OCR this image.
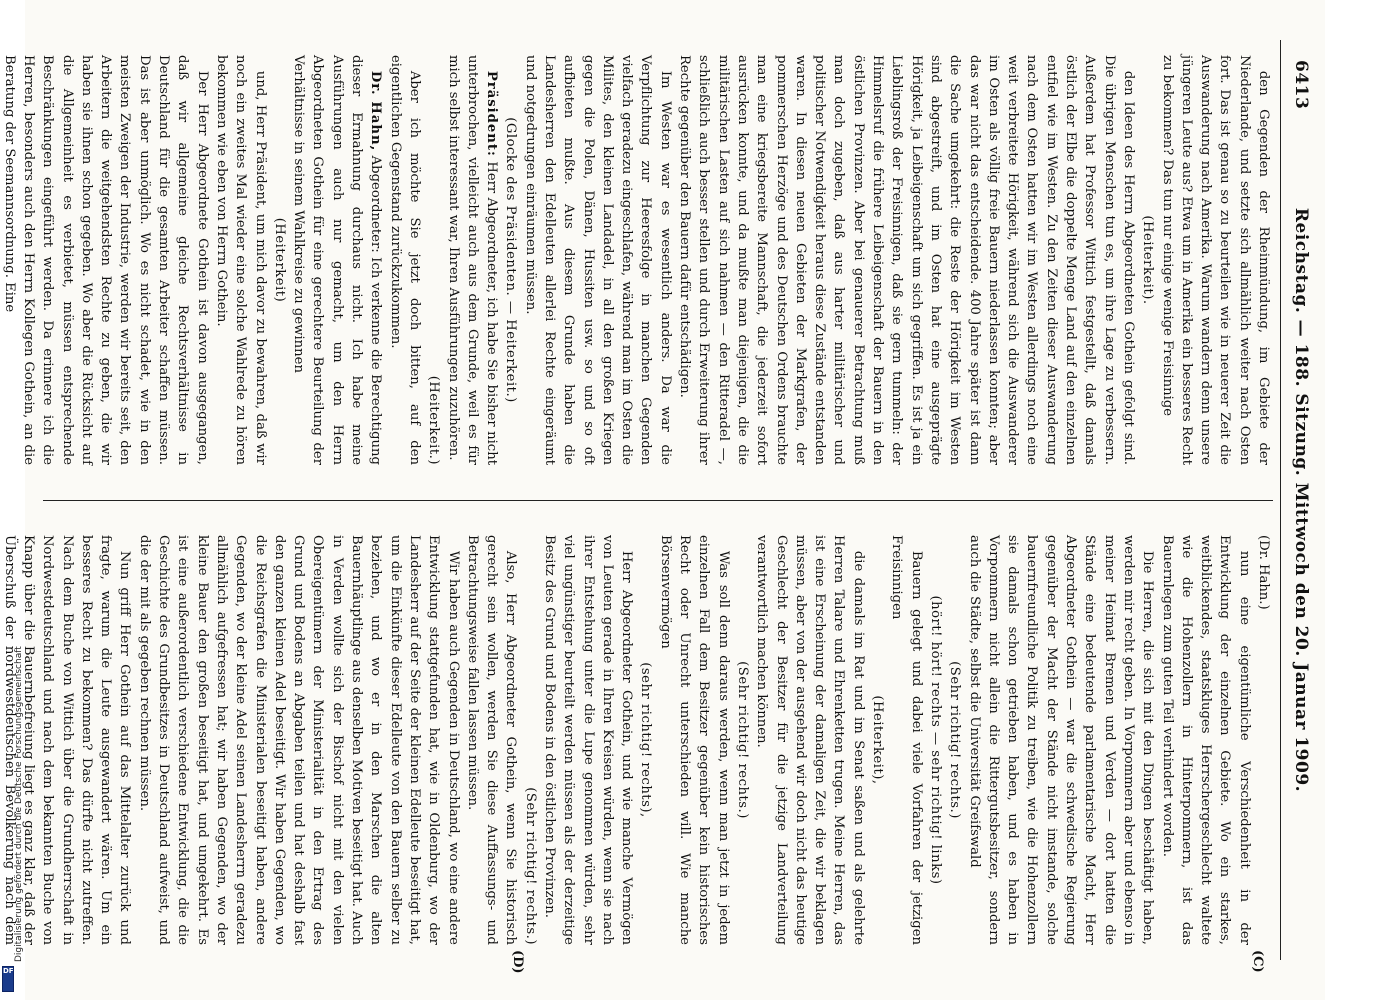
Digitalisierung gefördert durch die Deutsche Forschungsgemeinschaft
DFG
Reichstag. — 188. Sitzung. Mittwoch den 20. Januar 1909.
6413

den Gegenden der Rheinmündung, im Gebiete der Niederlande, und setzte sich allmählich weiter nach Osten fort. Das ist genau so zu beurteilen wie in neuerer Zeit die Auswanderung nach Amerika. Warum wandern denn unsere jüngeren Leute aus? Etwa um in Amerika ein besseres Recht zu bekommen? Das tun nur einige wenige Freisinnige

(Heiterkeit).

den Ideen des Herrn Abgeordneten Gothein gefolgt sind. Die übrigen Menschen tun es, um ihre Lage zu verbessern. Außerdem hat Professor Wittich festgestellt, daß damals östlich der Elbe die doppelte Menge Land auf den einzelnen entfiel wie im Westen. Zu den Zeiten dieser Auswanderung nach dem Osten hatten wir im Westen allerdings noch eine weit verbreitete Hörigkeit, während sich die Auswanderer im Osten als völlig freie Bauern niederlassen konnten; aber das war nicht das entscheidende. 400 Jahre später ist dann die Sache umgekehrt: die Reste der Hörigkeit im Westen sind abgestreift, und im Osten hat eine ausgeprägte Hörigkeit, ja Leibeigenschaft um sich gegriffen. Es ist ja ein Lieblingsroß der Freisinnigen, daß sie gern tummeln: der Himmelsruf die frühere Leibeigenschaft der Bauern in den östlichen Provinzen. Aber bei genauerer Betrachtung muß man doch zugeben, daß aus harter militärischer und politischer Notwendigkeit heraus diese Zustände entstanden waren. In diesen neuen Gebieten der Markgrafen, der pommerschen Herzöge und des Deutschen Ordens brauchte man eine kriegsbereite Mannschaft, die jederzeit sofort ausrücken konnte, und da mußte man diejenigen, die die militärischen Lasten auf sich nahmen — den Ritteradel —, schließlich auch besser stellen und durch Erweiterung ihrer Rechte gegenüber den Bauern dafür entschädigen.

Im Westen war es wesentlich anders. Da war die Verpflichtung zur Heeresfolge in manchen Gegenden vielfach geradezu eingeschlafen, während man im Osten die Milites, den kleinen Landadel, in all den großen Kriegen gegen die Polen, Dänen, Hussiten usw. so und so oft aufbieten mußte. Aus diesem Grunde haben die Landesherren den Edelleuten allerlei Rechte eingeräumt und notgedrungen einräumen müssen.

(Glocke des Präsidenten. — Heiterkeit.)

Präsident: Herr Abgeordneter, ich habe Sie bisher nicht unterbrochen, vielleicht auch aus dem Grunde, weil es für mich selbst interessant war, Ihren Ausführungen zuzuhören.

(Heiterkeit.)

Aber ich möchte Sie jetzt doch bitten, auf den eigentlichen Gegenstand zurückzukommen.

Dr. Hahn, Abgeordneter: Ich verkenne die Berechtigung dieser Ermahnung durchaus nicht. Ich habe meine Ausführungen auch nur gemacht, um den Herrn Abgeordneten Gothein für eine gerechtere Beurteilung der Verhältnisse in seinem Wahlkreise zu gewinnen

(Heiterkeit)

und, Herr Präsident, um mich davor zu bewahren, daß wir noch ein zweites Mal wieder eine solche Wahlrede zu hören bekommen wie eben von Herrn Gothein.

Der Herr Abgeordnete Gothein ist davon ausgegangen, daß wir allgemeine gleiche Rechtsverhältnisse in Deutschland für die gesamten Arbeiter schaffen müssen. Das ist aber unmöglich. Wo es nicht schadet, wie in den meisten Zweigen der Industrie, werden wir bereits seit, den Arbeitern die weitgehendsten Rechte zu geben, die wir haben sie ihnen schon gegeben. Wo aber die Rücksicht auf die Allgemeinheit es verbietet, müssen entsprechende Beschränkungen eingeführt werden. Da erinnere ich die Herren, besonders auch den Herrn Kollegen Gothein, an die Beratung der Seemannsordnung. Eine

(Dr. Hahn.)

nun eine eigentümliche Verschiedenheit in der Entwicklung der einzelnen Gebiete. Wo ein starkes, weitblickendes, staatskluges Herrschergeschlecht waltete wie die Hohenzollern in Hinterpommern, ist das Bauernlegen zum guten Teil verhindert worden.

Die Herren, die sich mit den Dingen beschäftigt haben, werden mir recht geben. In Vorpommern aber und ebenso in meiner Heimat Bremen und Verden — dort hatten die Stände eine bedeutende parlamentarische Macht, Herr Abgeordneter Gothein — war die schwedische Regierung gegenüber der Macht der Stände nicht imstande, solche bauernfreundliche Politik zu treiben, wie die Hohenzollern sie damals schon getrieben haben, und es haben in Vorpommern nicht allein die Rittergutsbesitzer, sondern auch die Städte, selbst die Universität Greifswald

(Sehr richtig! rechts.)

(hört! hört! rechts — sehr richtig! links)

Bauern gelegt und dabei viele Vorfahren der jetzigen Freisinnigen

(Heiterkeit),

die damals im Rat und im Senat saßen und als gelehrte Herren Talare und Ehrenketten trugen. Meine Herren, das ist eine Erscheinung der damaligen Zeit, die wir beklagen müssen, aber von der ausgehend wir doch nicht das heutige Geschlecht der Besitzer für die jetzige Landverteilung verantwortlich machen können.

(Sehr richtig! rechts.)

Was soll denn daraus werden, wenn man jetzt in jedem einzelnen Fall dem Besitzer gegenüber kein historisches Recht oder Unrecht unterschieden will. Wie manche Börsenvermögen

(sehr richtig! rechts),

Herr Abgeordneter Gothein, und wie manche Vermögen von Leuten gerade in Ihren Kreisen würden, wenn sie nach ihrer Entstehung unter die Lupe genommen würden, sehr viel ungünstiger beurteilt werden müssen als der derzeitige Besitz des Grund und Bodens in den östlichen Provinzen.

(Sehr richtig! rechts.)

Also, Herr Abgeordneter Gothein, wenn Sie historisch gerecht sein wollen, werden Sie diese Auffassungs- und Betrachtungsweise fallen lassen müssen.

Wir haben auch Gegenden in Deutschland, wo eine andere Entwicklung stattgefunden hat, wie in Oldenburg, wo der Landesherr auf der Seite der kleinen Edelleute beseitigt hat, um die Einkünfte dieser Edelleute von den Bauern selber zu beziehen, und wo er in den Marschen die alten Bauernhäuptlinge aus denselben Motiven beseitigt hat. Auch in Verden wollte sich der Bischof nicht mit den vielen Obereigentümern der Ministerialität in den Ertrag des Grund und Bodens an Abgaben teilen und hat deshalb fast den ganzen kleinen Adel beseitigt. Wir haben Gegenden, wo die Reichsgrafen die Ministerialen beseitigt haben, andere Gegenden, wo der kleine Adel seinen Landesherrn geradezu allmählich aufgefressen hat; wir haben Gegenden, wo der kleine Bauer den großen beseitigt hat, und umgekehrt. Es ist eine außerordentlich verschiedene Entwicklung, die die Geschichte des Grundbesitzes in Deutschland aufweist, und die der mit als gegeben rechnen müssen.

Nun griff Herr Gothein auf das Mittelalter zurück und fragte, warum die Leute ausgewandert wären. Um ein besseres Recht zu bekommen? Das dürfte nicht zutreffen. Nach dem Buche von Wittich über die Grundherrschaft in Nordwestdeutschland und nach dem bekannten Buche von Knapp über die Bauernbefreiung liegt es ganz klar, daß der Überschuß der nordwestdeutschen Bevölkerung nach dem

(C)
(D)
